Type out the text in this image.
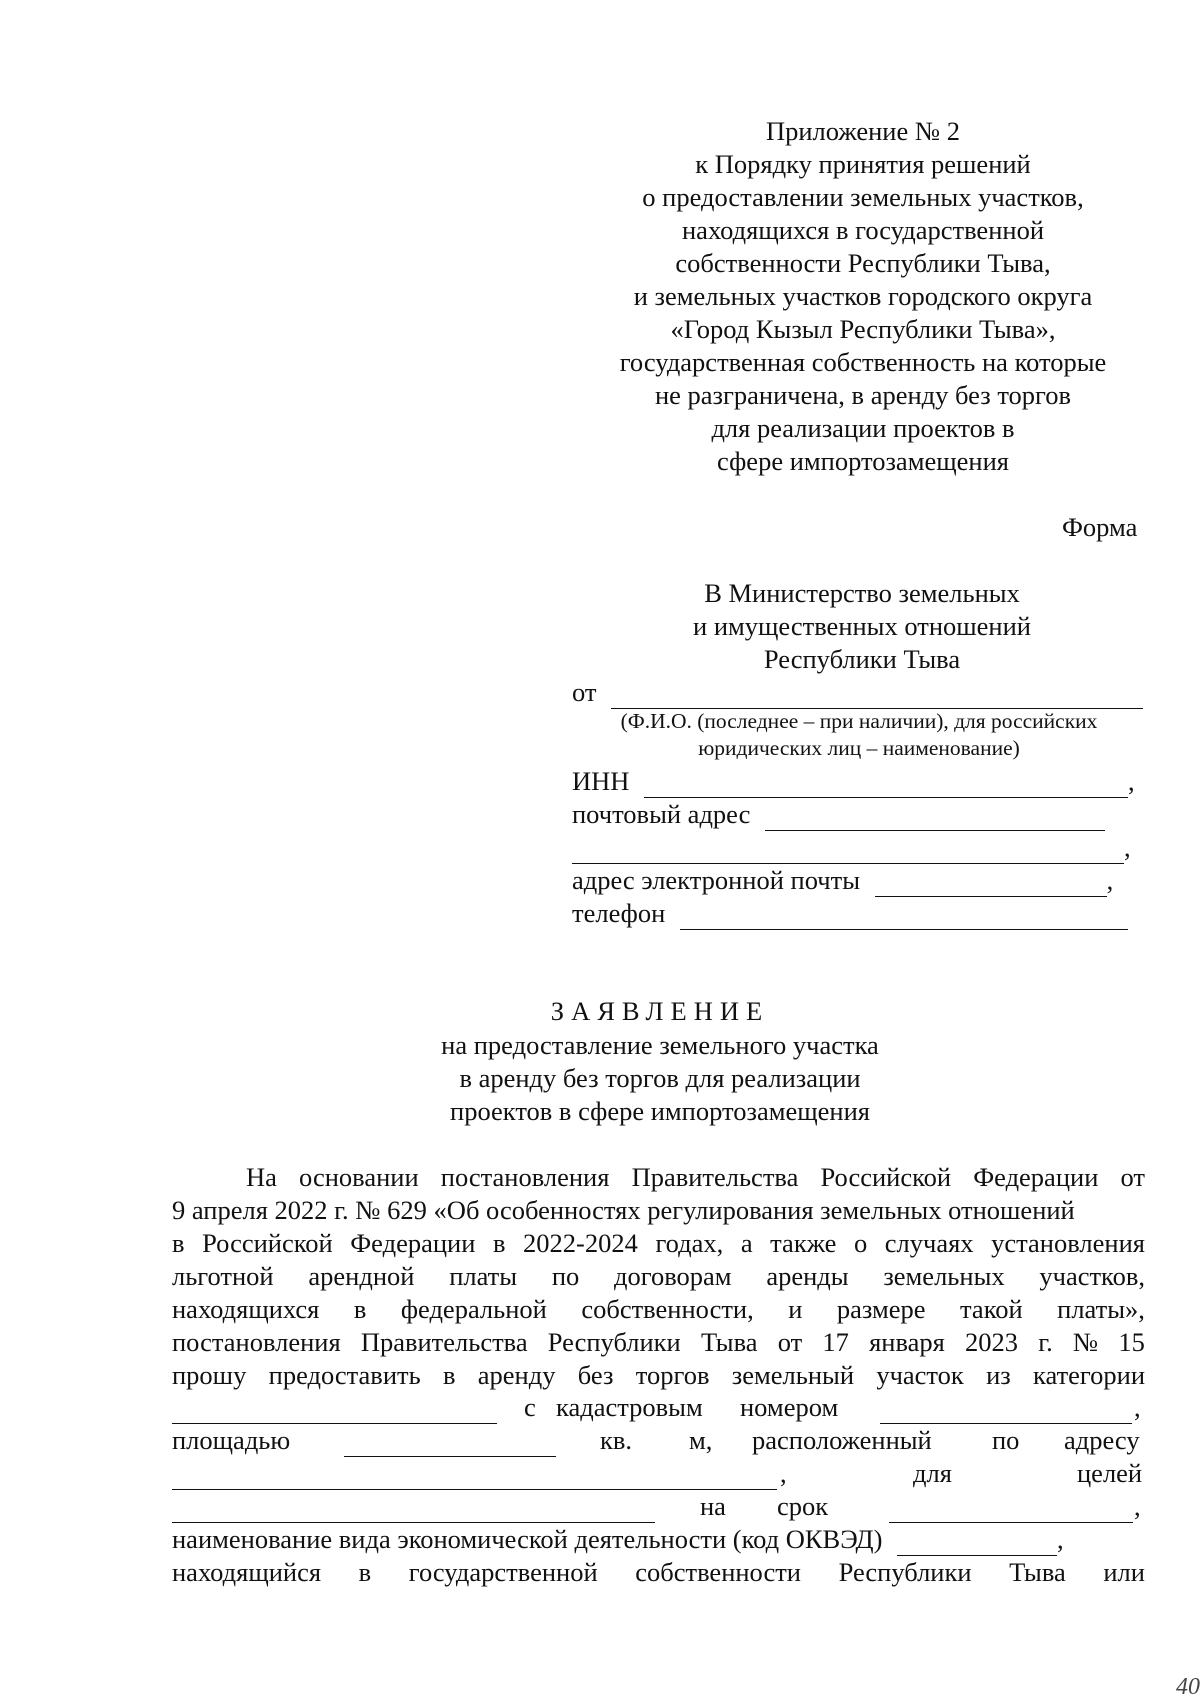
Приложение № 2
к Порядку принятия решений
о предоставлении земельных участков,
находящихся в государственной
собственности Республики Тыва,
и земельных участков городского округа
«Город Кызыл Республики Тыва»,
государственная собственность на которые
не разграничена, в аренду без торгов
для реализации проектов в
сфере импортозамещения
Форма
В Министерство земельных
и имущественных отношений
Республики Тыва
от
(Ф.И.О. (последнее – при наличии), для российских
юридических лиц – наименование)
ИНН	,
почтовый адрес
,
адрес электронной почты	,
телефон
ЗАЯВЛЕНИЕ
на предоставление земельного участка
в аренду без торгов для реализации
проектов в сфере импортозамещения
На основании постановления Правительства Российской Федерации от
9 апреля 2022 г. № 629 «Об особенностях регулирования земельных отношений
в Российской Федерации в 2022-2024 годах, а также о случаях установления
льготной арендной платы по договорам аренды земельных участков,
находящихся в федеральной собственности, и размере такой платы»,
постановления Правительства Республики Тыва от 17 января 2023 г. № 15
прошу предоставить в аренду без торгов земельный участок из категории

с кадастровым номером
	,
площадью
	кв. м, расположенный по адресу

,	для	целей

на срок
	,
наименование вида экономической деятельности (код ОКВЭД)	,
находящийся в государственной собственности Республики Тыва или
40
